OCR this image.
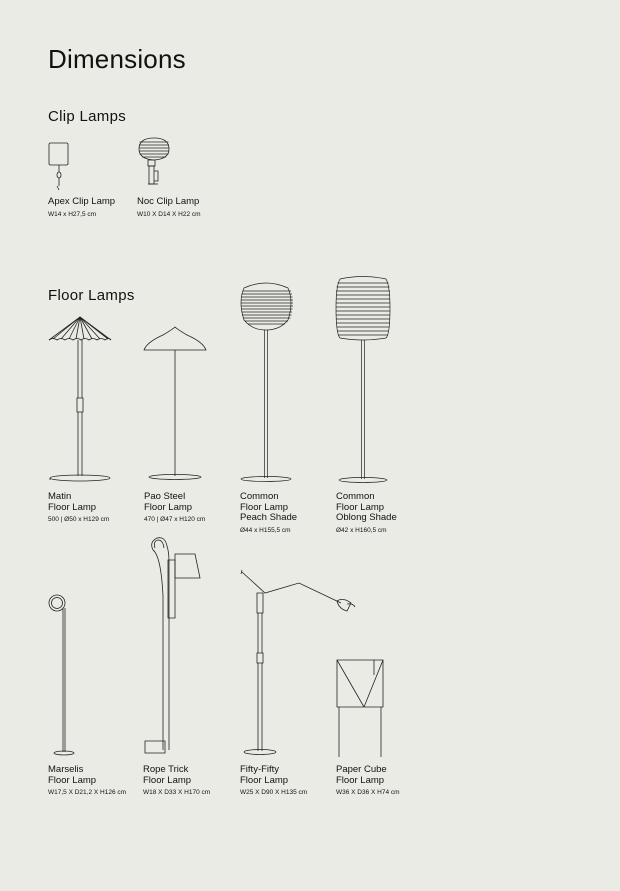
Dimensions
Clip Lamps
Apex Clip Lamp
W14 x H27,5 cm
Noc Clip Lamp
W10 X D14 X H22 cm
Floor Lamps
Matin
Floor Lamp
500 | Ø50 x H129 cm
Pao Steel
Floor Lamp
470 | Ø47 x H120 cm
Common
Floor Lamp
Peach Shade
Ø44 x H155,5 cm
Common
Floor Lamp
Oblong Shade
Ø42 x H160,5 cm
Marselis
Floor Lamp
W17,5 X D21,2 X H126 cm
Rope Trick
Floor Lamp
W18 X D33 X H170 cm
Fifty-Fifty
Floor Lamp
W25 X D90 X H135 cm
Paper Cube
Floor Lamp
W36 X D36 X H74 cm
